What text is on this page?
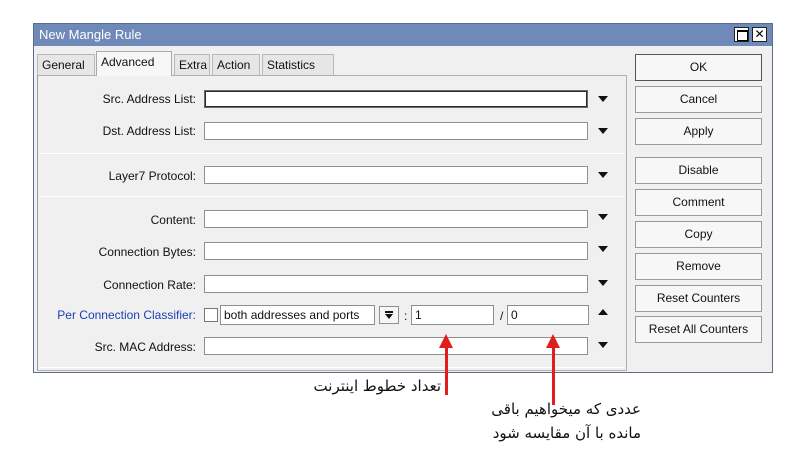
New Mangle Rule	✕
General	Advanced	Extra Action	Statistics
Src. Address List:
Dst. Address List:
Layer7 Protocol:
Content:
Connection Bytes:
Connection Rate:
Per Connection Classifier:	both addresses and ports	: 1	/ 0
Src. MAC Address:
OK
Cancel
Apply
Disable
Comment
Copy
Remove
Reset Counters
Reset All Counters
تعداد خطوط اینترنت
عددی که میخواهیم باقی
مانده با آن مقایسه شود
